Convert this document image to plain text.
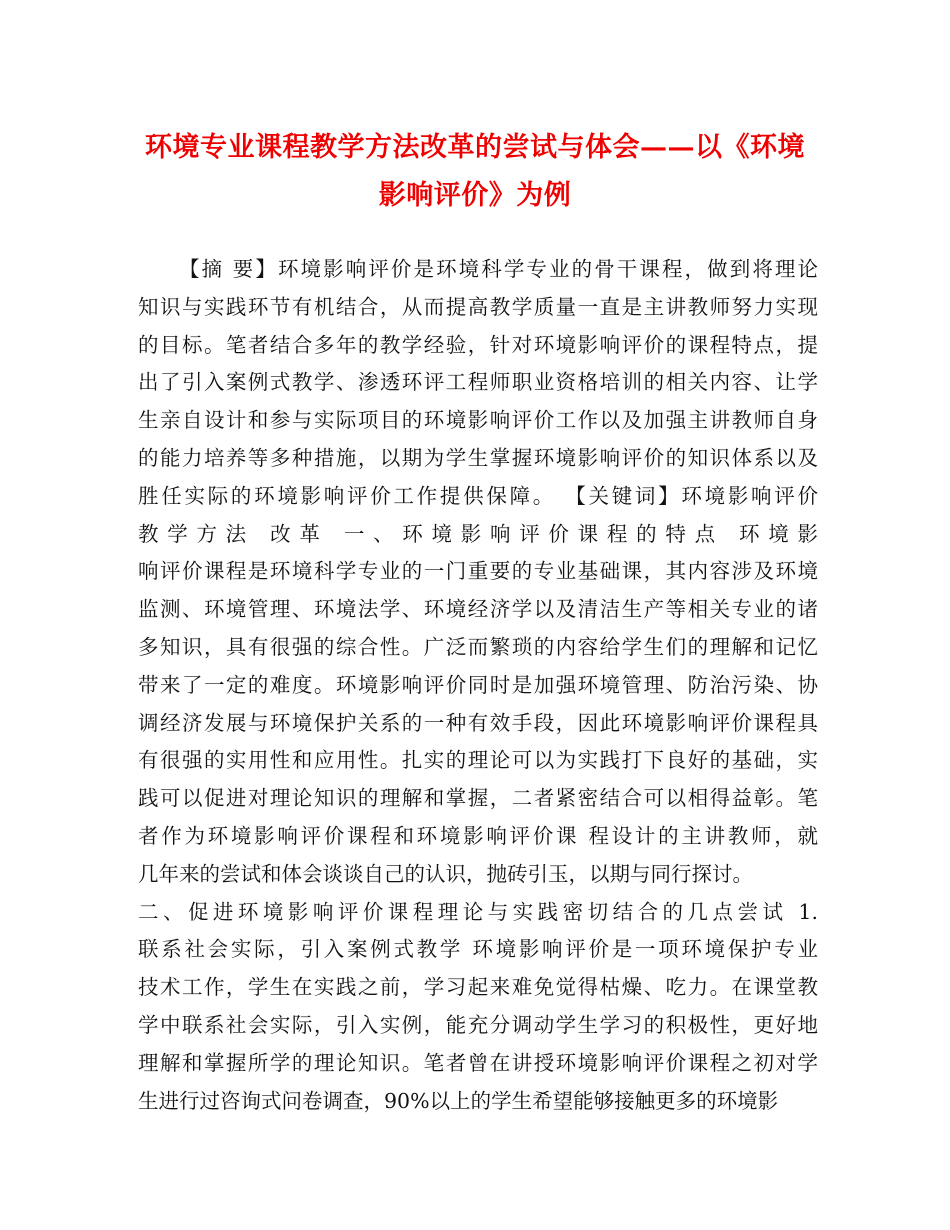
环境专业课程教学方法改革的尝试与体会——以《环境
影响评价》为例
【摘 要】环境影响评价是环境科学专业的骨干课程，做到将理论
知识与实践环节有机结合，从而提高教学质量一直是主讲教师努力实现
的目标。笔者结合多年的教学经验，针对环境影响评价的课程特点，提
出了引入案例式教学、渗透环评工程师职业资格培训的相关内容、让学
生亲自设计和参与实际项目的环境影响评价工作以及加强主讲教师自身
的能力培养等多种措施，以期为学生掌握环境影响评价的知识体系以及
胜任实际的环境影响评价工作提供保障。 【关键词】环境影响评价
教学方法 改革 一、环境影响评价课程的特点 环境影
响评价课程是环境科学专业的一门重要的专业基础课，其内容涉及环境
监测、环境管理、环境法学、环境经济学以及清洁生产等相关专业的诸
多知识，具有很强的综合性。广泛而繁琐的内容给学生们的理解和记忆
带来了一定的难度。环境影响评价同时是加强环境管理、防治污染、协
调经济发展与环境保护关系的一种有效手段，因此环境影响评价课程具
有很强的实用性和应用性。扎实的理论可以为实践打下良好的基础，实
践可以促进对理论知识的理解和掌握，二者紧密结合可以相得益彰。笔
者作为环境影响评价课程和环境影响评价课 程设计的主讲教师，就
几年来的尝试和体会谈谈自己的认识，抛砖引玉，以期与同行探讨。
二、促进环境影响评价课程理论与实践密切结合的几点尝试 1.
联系社会实际，引入案例式教学 环境影响评价是一项环境保护专业
技术工作，学生在实践之前，学习起来难免觉得枯燥、吃力。在课堂教
学中联系社会实际，引入实例，能充分调动学生学习的积极性，更好地
理解和掌握所学的理论知识。笔者曾在讲授环境影响评价课程之初对学
生进行过咨询式问卷调查，90%以上的学生希望能够接触更多的环境影
